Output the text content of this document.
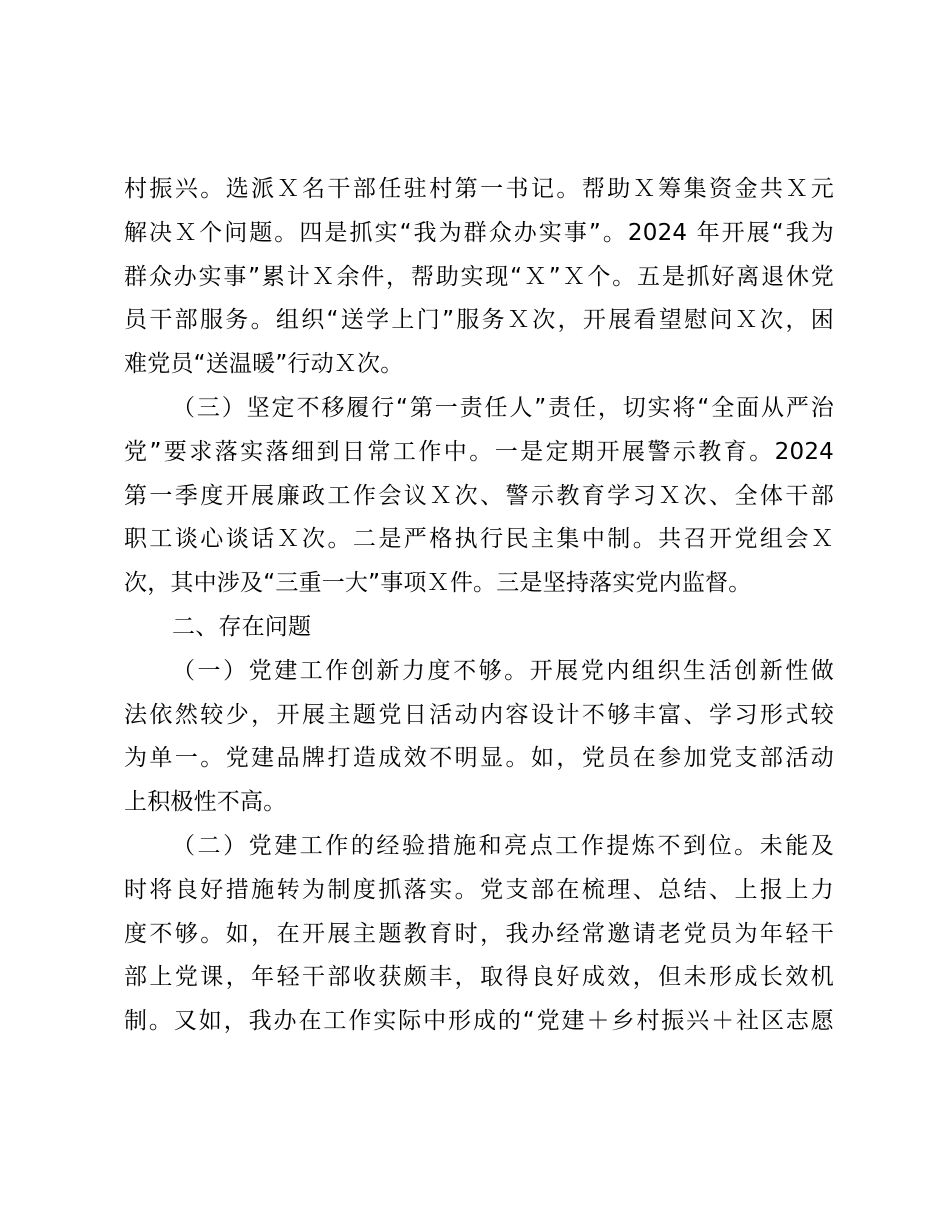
村振兴。选派Ｘ名干部任驻村第一书记。帮助Ｘ筹集资金共Ｘ元
解决Ｘ个问题。四是抓实“我为群众办实事”。2024 年开展“我为
群众办实事”累计Ｘ余件，帮助实现“Ｘ”Ｘ个。五是抓好离退休党
员干部服务。组织“送学上门”服务Ｘ次，开展看望慰问Ｘ次，困
难党员“送温暖”行动Ｘ次。
（三）坚定不移履行“第一责任人”责任，切实将“全面从严治
党”要求落实落细到日常工作中。一是定期开展警示教育。2024
第一季度开展廉政工作会议Ｘ次、警示教育学习Ｘ次、全体干部
职工谈心谈话Ｘ次。二是严格执行民主集中制。共召开党组会Ｘ
次，其中涉及“三重一大”事项Ｘ件。三是坚持落实党内监督。
二、存在问题
（一）党建工作创新力度不够。开展党内组织生活创新性做
法依然较少，开展主题党日活动内容设计不够丰富、学习形式较
为单一。党建品牌打造成效不明显。如，党员在参加党支部活动
上积极性不高。
（二）党建工作的经验措施和亮点工作提炼不到位。未能及
时将良好措施转为制度抓落实。党支部在梳理、总结、上报上力
度不够。如，在开展主题教育时，我办经常邀请老党员为年轻干
部上党课，年轻干部收获颇丰，取得良好成效，但未形成长效机
制。又如，我办在工作实际中形成的“党建＋乡村振兴＋社区志愿
